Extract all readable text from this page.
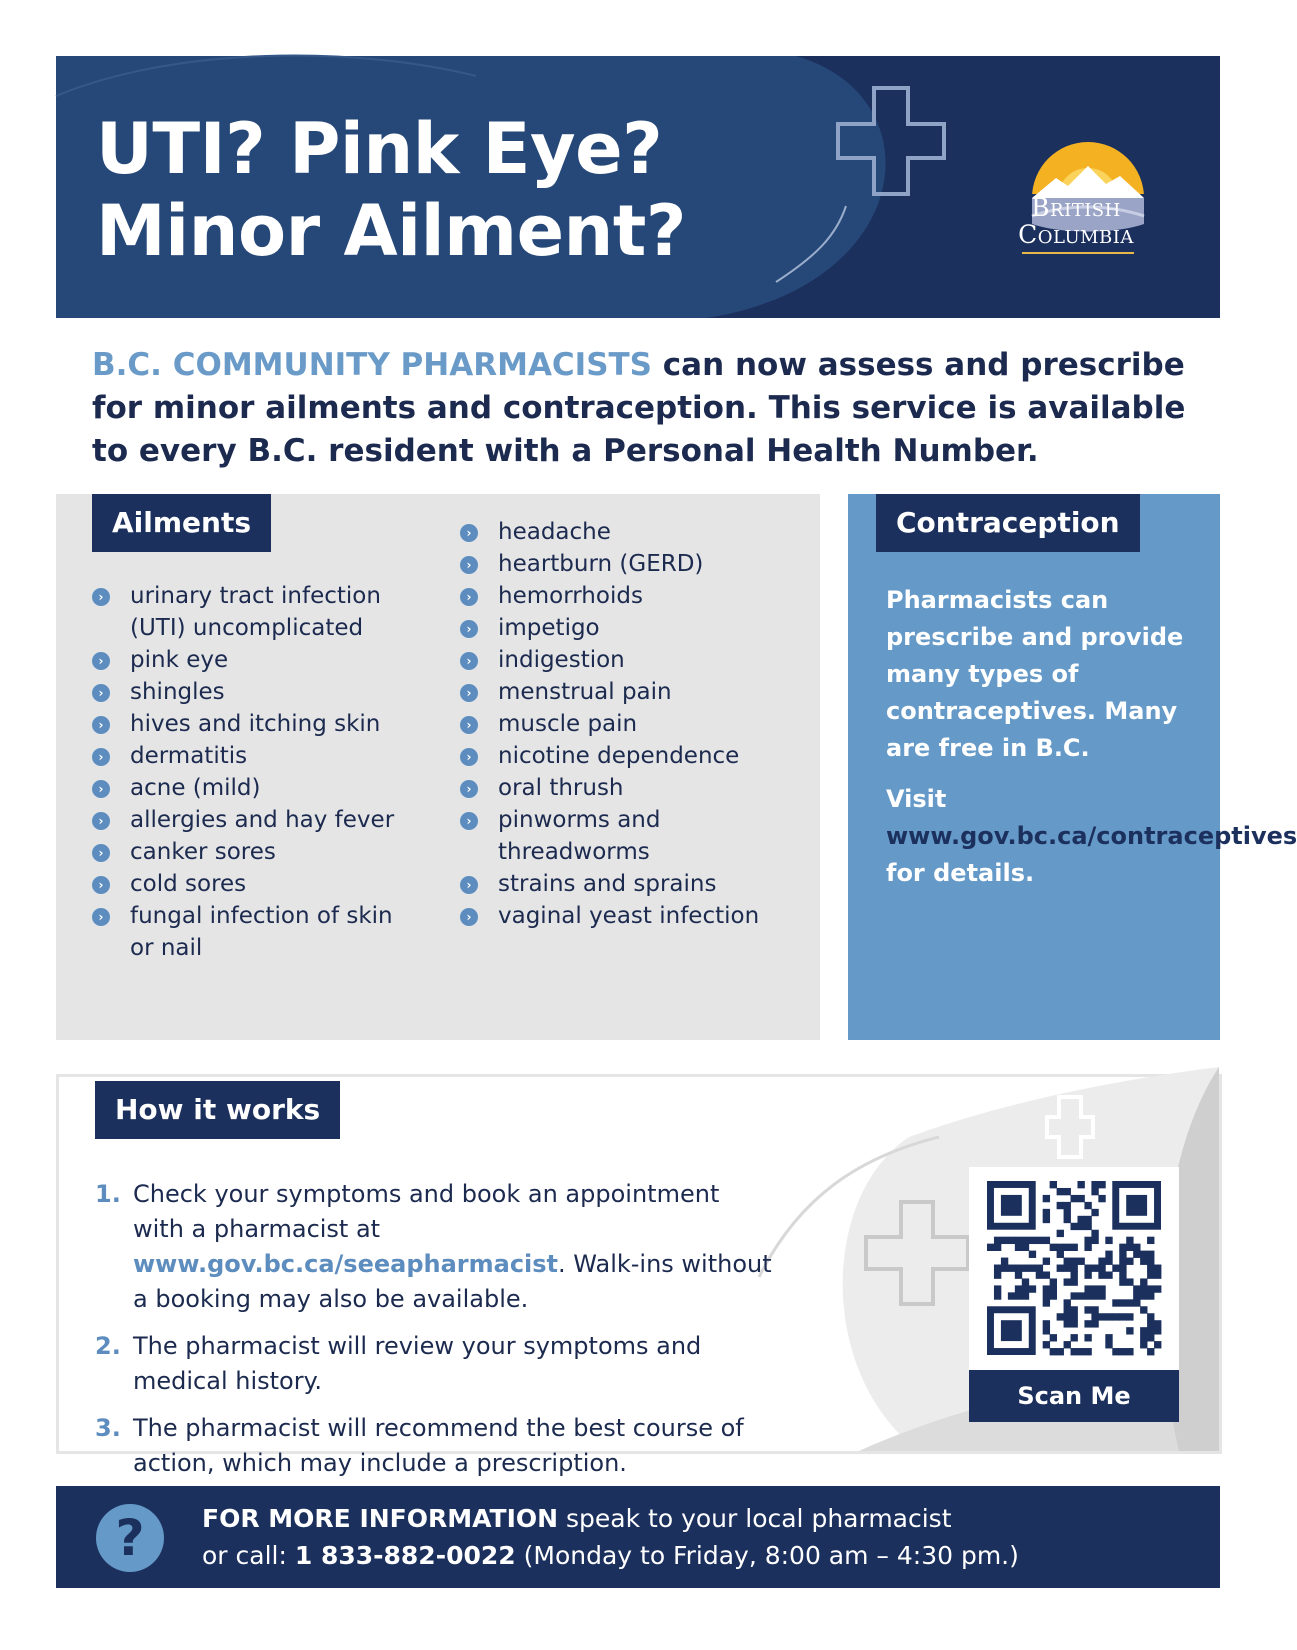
UTI? Pink Eye?
Minor Ailment?	British
Columbia

B.C. COMMUNITY PHARMACISTS can now assess and prescribe for minor ailments and contraception. This service is available to every B.C. resident with a Personal Health Number.

Ailments
› urinary tract infection (UTI) uncomplicated
› pink eye
› shingles
› hives and itching skin
› dermatitis
› acne (mild)
› allergies and hay fever
› canker sores
› cold sores
› fungal infection of skin or nail
› headache
› heartburn (GERD)
› hemorrhoids
› impetigo
› indigestion
› menstrual pain
› muscle pain
› nicotine dependence
› oral thrush
› pinworms and threadworms
› strains and sprains
› vaginal yeast infection
Contraception

Pharmacists can prescribe and provide many types of contraceptives. Many are free in B.C.

Visit www.gov.bc.ca/contraceptives for details.

How it works
1. Check your symptoms and book an appointment with a pharmacist at www.gov.bc.ca/seeapharmacist. Walk-ins without a booking may also be available.
2. The pharmacist will review your symptoms and medical history.
3. The pharmacist will recommend the best course of action, which may include a prescription.
Scan Me
?	FOR MORE INFORMATION speak to your local pharmacist
or call: 1 833-882-0022 (Monday to Friday, 8:00 am – 4:30 pm.)
